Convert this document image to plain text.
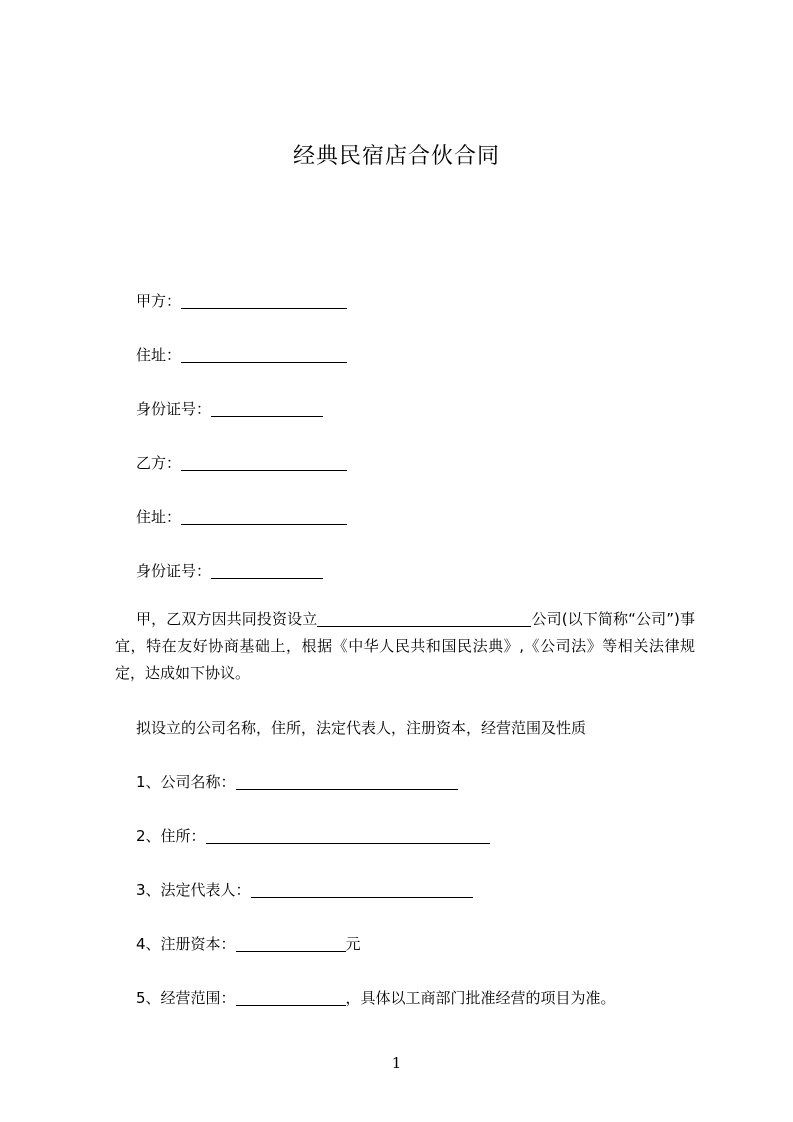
经典民宿店合伙合同
甲方：
住址：
身份证号：
乙方：
住址：
身份证号：
甲，乙双方因共同投资设立	公司(以下简称“公司”)事宜，特在友好协商基础上，根据《中华人民共和国民法典》,《公司法》等相关法律规定，达成如下协议。
拟设立的公司名称，住所，法定代表人，注册资本，经营范围及性质
1、公司名称：
2、住所：
3、法定代表人：
4、注册资本：	元
5、经营范围：	，具体以工商部门批准经营的项目为准。
1
